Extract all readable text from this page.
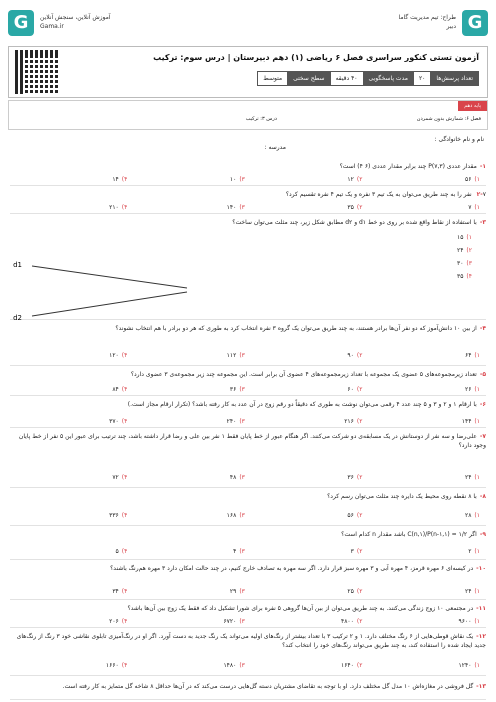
G
طراح: تیم مدیریت گاما
دبیر
G	آموزش آنلاین، سنجش آنلاین
Gama.ir
آزمون تستی کنکور سراسری فصل ۶ ریاضی (۱) دهم دبیرستان | درس سوم: ترکیب
تعداد پرسش‌ها
۲۰
مدت پاسخگویی
۴۰ دقیقه
سطح سختی
متوسط
پایه دهم
فصل ۶: شمارش بدون شمردن
درس ۳: ترکیب
نام و نام خانوادگی :
مدرسه :
۱-مقدار عددی (۷,۳)P چند برابر مقدار عددی (۶ ۴) است؟
۱)۵۶
۲)۱۲
۳)۱۰
۴)۱۴
۲-۷ نفر را به چند طریق می‌توان به یک تیم ۳ نفره و یک تیم ۴ نفره تقسیم کرد؟
۱)۷
۲)۳۵
۳)۱۴۰
۴)۲۱۰
۳-با استفاده از نقاط واقع شده بر روی دو خط d۱ و d۲ مطابق شکل زیر، چند مثلث می‌توان ساخت؟
۱)۱۵
۲)۲۴
۳)۳۰
۴)۳۵
۴-از بین ۱۰ دانش‌آموز که دو نفر آن‌ها برادر هستند، به چند طریق می‌توان یک گروه ۳ نفره انتخاب کرد به طوری که هر دو برادر با هم انتخاب نشوند؟
۱)۶۴
۲)۹۰
۳)۱۱۲
۴)۱۲۰
۵-تعداد زیرمجموعه‌های ۵ عضوی یک مجموعه با تعداد زیرمجموعه‌های ۴ عضوی آن برابر است. این مجموعه چند زیر مجموعه‌ی ۳ عضوی دارد؟
۱)۲۶
۲)۶۰
۳)۳۶
۴)۸۴
۶-با ارقام ۱ و ۲ و ۳ و ۵ چند عدد ۴ رقمی می‌توان نوشت به طوری که دقیقاً دو رقم زوج در آن عدد به کار رفته باشد؟ (تکرار ارقام مجاز است.)
۱)۱۴۴
۲)۲۱۶
۳)۲۴۰
۴)۳۷۰
۷-علی‌رضا و سه نفر از دوستانش در یک مسابقه‌ی دو شرکت می‌کنند. اگر هنگام عبور از خط پایان فقط ۱ نفر بین علی و رضا قرار داشته باشد، چند ترتیب برای عبور این ۵ نفر از خط پایان وجود دارد؟
۱)۲۴
۲)۳۶
۳)۴۸
۴)۷۲
۸-با ۸ نقطه روی محیط یک دایره چند مثلث می‌توان رسم کرد؟
۱)۲۸
۲)۵۶
۳)۱۶۸
۴)۳۳۶
۹-اگر ۱/۲ = C(n,۱)/P(n-۱,۱) باشد مقدار n کدام است؟
۱)۲
۲)۳
۳)۴
۴)۵
۱۰-در کیسه‌ای ۶ مهره قرمز، ۴ مهره آبی و ۳ مهره سبز قرار دارد. اگر سه مهره به تصادف خارج کنیم، در چند حالت امکان دارد ۳ مهره هم‌رنگ باشند؟
۱)۲۴
۲)۲۵
۳)۲۹
۴)۳۴
۱۱-در مجتمعی ۱۰ زوج زندگی می‌کنند. به چند طریق می‌توان از بین آن‌ها گروهی ۵ نفره برای شورا تشکیل داد که فقط یک زوج بین آن‌ها باشد؟
۱)۹۶۰۰
۲)۴۸۰۰
۳)۶۷۲۰
۴)۲۰۶
۱۲-یک نقاش قوطی‌هایی از ۶ رنگ مختلف دارد. ۱ و ۲ ترکیب ۳ با تعداد بیشتر از رنگ‌های اولیه می‌تواند یک رنگ جدید به دست آورد. اگر او در رنگ‌آمیزی تابلوی نقاشی خود ۳ رنگ از رنگ‌های جدید ایجاد شده را استفاده کند، به چند طریق می‌تواند رنگ‌های خود را انتخاب کند؟
۱)۱۲۴۰
۲)۱۶۴۰
۳)۱۴۸۰
۴)۱۶۶۰
۱۳-گل فروشی در مغازه‌اش ۱۰ مدل گل مختلف دارد. او با توجه به تقاضای مشتریان دسته گل‌هایی درست می‌کند که در آن‌ها حداقل ۸ شاخه گل متمایز به کار رفته است.
d1
d2
